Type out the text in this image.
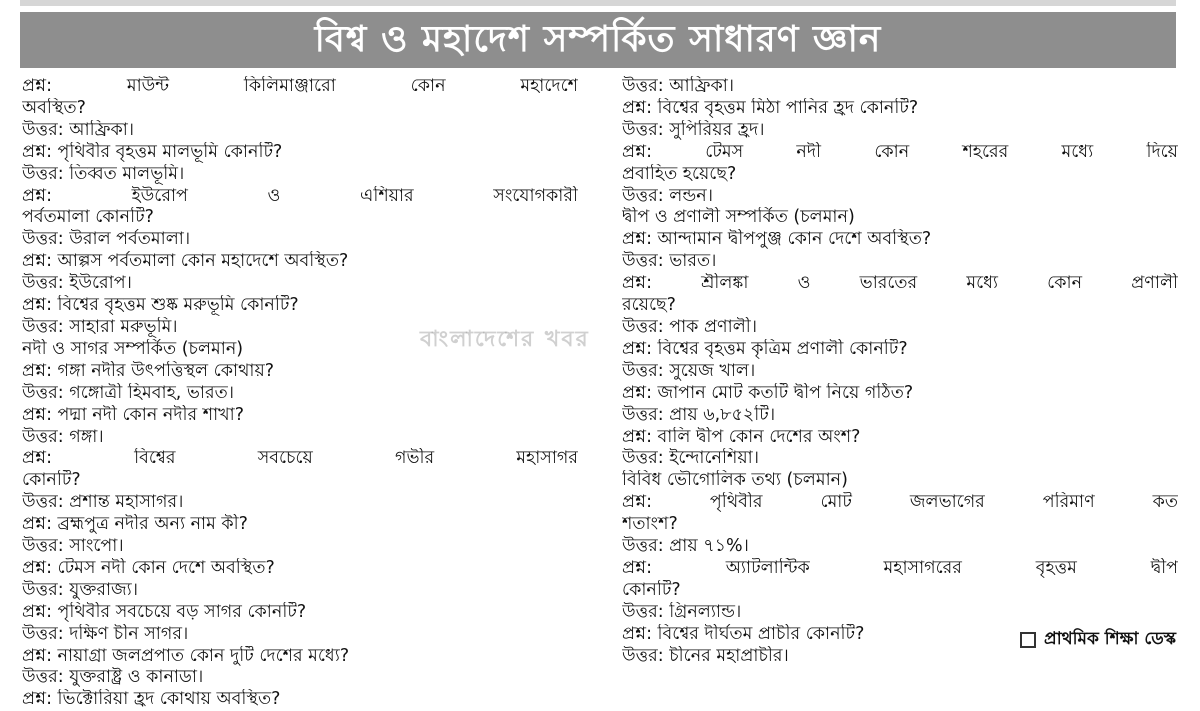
বিশ্ব ও মহাদেশ সম্পর্কিত সাধারণ জ্ঞান
প্রশ্ন: মাউন্ট কিলিমাঞ্জারো কোন মহাদেশে
অবস্থিত?
উত্তর: আফ্রিকা।
প্রশ্ন: পৃথিবীর বৃহত্তম মালভূমি কোনটি?
উত্তর: তিব্বত মালভূমি।
প্রশ্ন: ইউরোপ ও এশিয়ার সংযোগকারী
পর্বতমালা কোনটি?
উত্তর: উরাল পর্বতমালা।
প্রশ্ন: আল্পস পর্বতমালা কোন মহাদেশে অবস্থিত?
উত্তর: ইউরোপ।
প্রশ্ন: বিশ্বের বৃহত্তম শুষ্ক মরুভূমি কোনটি?
উত্তর: সাহারা মরুভূমি।
নদী ও সাগর সম্পর্কিত (চলমান)
প্রশ্ন: গঙ্গা নদীর উৎপত্তিস্থল কোথায়?
উত্তর: গঙ্গোত্রী হিমবাহ, ভারত।
প্রশ্ন: পদ্মা নদী কোন নদীর শাখা?
উত্তর: গঙ্গা।
প্রশ্ন: বিশ্বের সবচেয়ে গভীর মহাসাগর
কোনটি?
উত্তর: প্রশান্ত মহাসাগর।
প্রশ্ন: ব্রহ্মপুত্র নদীর অন্য নাম কী?
উত্তর: সাংপো।
প্রশ্ন: টেমস নদী কোন দেশে অবস্থিত?
উত্তর: যুক্তরাজ্য।
প্রশ্ন: পৃথিবীর সবচেয়ে বড় সাগর কোনটি?
উত্তর: দক্ষিণ চীন সাগর।
প্রশ্ন: নায়াগ্রা জলপ্রপাত কোন দুটি দেশের মধ্যে?
উত্তর: যুক্তরাষ্ট্র ও কানাডা।
প্রশ্ন: ভিক্টোরিয়া হ্রদ কোথায় অবস্থিত?
উত্তর: আফ্রিকা।
প্রশ্ন: বিশ্বের বৃহত্তম মিঠা পানির হ্রদ কোনটি?
উত্তর: সুপিরিয়র হ্রদ।
প্রশ্ন: টেমস নদী কোন শহরের মধ্যে দিয়ে
প্রবাহিত হয়েছে?
উত্তর: লন্ডন।
দ্বীপ ও প্রণালী সম্পর্কিত (চলমান)
প্রশ্ন: আন্দামান দ্বীপপুঞ্জ কোন দেশে অবস্থিত?
উত্তর: ভারত।
প্রশ্ন: শ্রীলঙ্কা ও ভারতের মধ্যে কোন প্রণালী
রয়েছে?
উত্তর: পাক প্রণালী।
প্রশ্ন: বিশ্বের বৃহত্তম কৃত্রিম প্রণালী কোনটি?
উত্তর: সুয়েজ খাল।
প্রশ্ন: জাপান মোট কতটি দ্বীপ নিয়ে গঠিত?
উত্তর: প্রায় ৬,৮৫২টি।
প্রশ্ন: বালি দ্বীপ কোন দেশের অংশ?
উত্তর: ইন্দোনেশিয়া।
বিবিধ ভৌগোলিক তথ্য (চলমান)
প্রশ্ন: পৃথিবীর মোট জলভাগের পরিমাণ কত
শতাংশ?
উত্তর: প্রায় ৭১%।
প্রশ্ন: অ্যাটলান্টিক মহাসাগরের বৃহত্তম দ্বীপ
কোনটি?
উত্তর: গ্রিনল্যান্ড।
প্রশ্ন: বিশ্বের দীর্ঘতম প্রাচীর কোনটি?
উত্তর: চীনের মহাপ্রাচীর।
বাংলাদেশের খবর
প্রাথমিক শিক্ষা ডেস্ক
